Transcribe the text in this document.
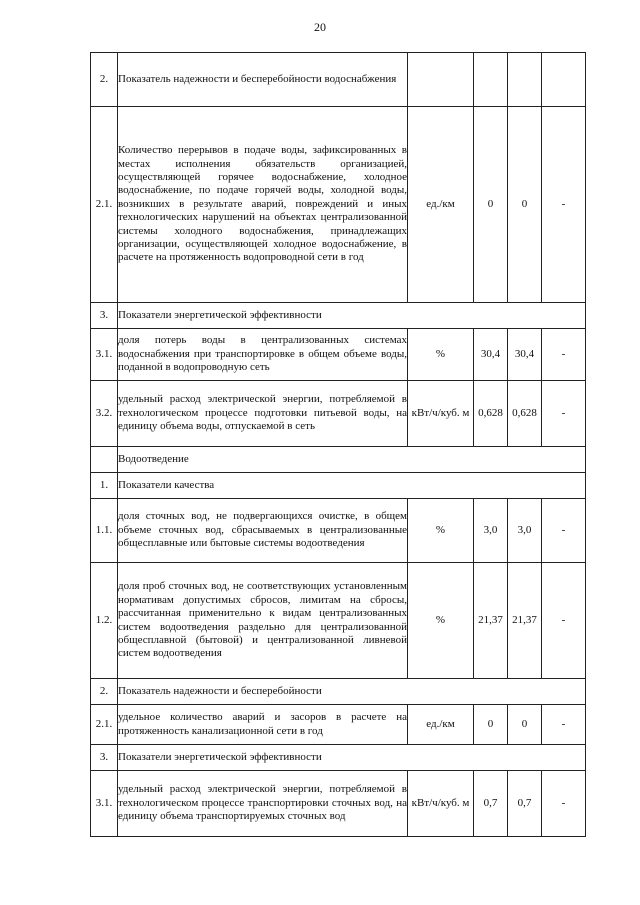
20
2.	Показатель надежности и бесперебойности водоснабжения				
2.1.	Количество перерывов в подаче воды, зафиксированных в местах исполнения обязательств организацией, осуществляющей горячее водоснабжение, холодное водоснабжение, по подаче горячей воды, холодной воды, возникших в результате аварий, повреждений и иных технологических нарушений на объектах централизованной системы холодного водоснабжения, принадлежащих организации, осуществляющей холодное водоснабжение, в расчете на протяженность водопроводной сети в год	ед./км	0	0	-
3.	Показатели энергетической эффективности				
3.1.	доля потерь воды в централизованных системах водоснабжения при транспортировке в общем объеме воды, поданной в водопроводную сеть	%	30,4	30,4	-
3.2.	удельный расход электрической энергии, потребляемой в технологическом процессе подготовки питьевой воды, на единицу объема воды, отпускаемой в сеть	кВт/ч/куб. м	0,628	0,628	-
	Водоотведение				
1.	Показатели качества				
1.1.	доля сточных вод, не подвергающихся очистке, в общем объеме сточных вод, сбрасываемых в централизованные общесплавные или бытовые системы водоотведения	%	3,0	3,0	-
1.2.	доля проб сточных вод, не соответствующих установленным нормативам допустимых сбросов, лимитам на сбросы, рассчитанная применительно к видам централизованных систем водоотведения раздельно для централизованной общесплавной (бытовой) и централизованной ливневой систем водоотведения	%	21,37	21,37	-
2.	Показатель надежности и бесперебойности				
2.1.	удельное количество аварий и засоров в расчете на протяженность канализационной сети в год	ед./км	0	0	-
3.	Показатели энергетической эффективности				
3.1.	удельный расход электрической энергии, потребляемой в технологическом процессе транспортировки сточных вод, на единицу объема транспортируемых сточных вод	кВт/ч/куб. м	0,7	0,7	-
